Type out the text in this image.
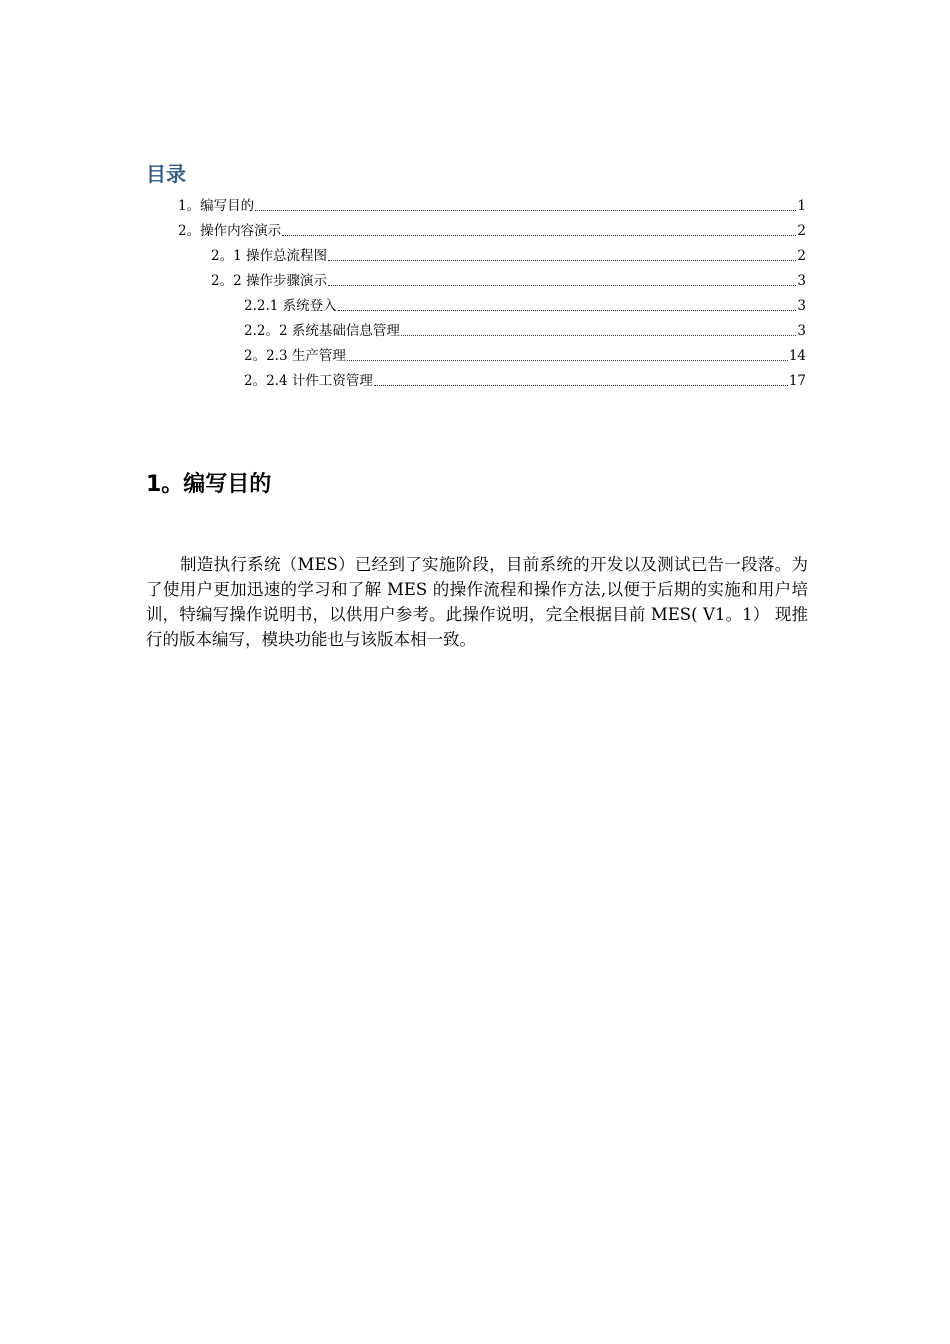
目录
1。编写目的	1
2。操作内容演示	2
2。1 操作总流程图	2
2。2 操作步骤演示	3
2.2.1 系统登入	3
2.2。2 系统基础信息管理	3
2。2.3 生产管理	14
2。2.4 计件工资管理	17
1。编写目的

制造执行系统（MES）已经到了实施阶段，目前系统的开发以及测试已告一段落。为了使用户更加迅速的学习和了解 MES 的操作流程和操作方法,以便于后期的实施和用户培训，特编写操作说明书，以供用户参考。此操作说明，完全根据目前 MES( V1。1） 现推行的版本编写，模块功能也与该版本相一致。
